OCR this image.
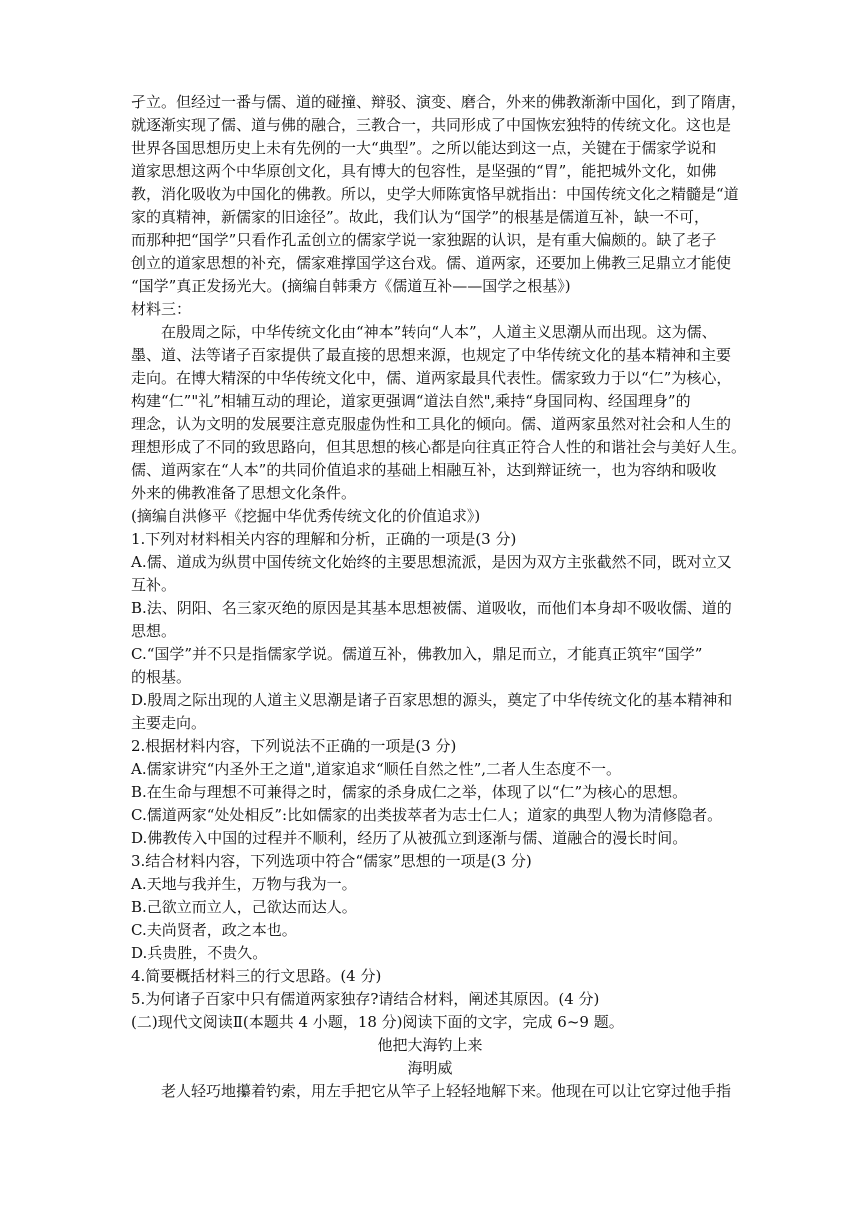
孑立。但经过一番与儒、道的碰撞、辩驳、演变、磨合，外来的佛教渐渐中国化，到了隋唐，
就逐渐实现了儒、道与佛的融合，三教合一，共同形成了中国恢宏独特的传统文化。这也是
世界各国思想历史上未有先例的一大“典型”。之所以能达到这一点，关键在于儒家学说和
道家思想这两个中华原创文化，具有博大的包容性，是坚强的“胃”，能把城外文化，如佛
教，消化吸收为中国化的佛教。所以，史学大师陈寅恪早就指出：中国传统文化之精髓是“道
家的真精神，新儒家的旧途径”。故此，我们认为“国学”的根基是儒道互补，缺一不可，
而那种把“国学”只看作孔孟创立的儒家学说一家独踞的认识，是有重大偏颇的。缺了老子
创立的道家思想的补充，儒家难撑国学这台戏。儒、道两家，还要加上佛教三足鼎立才能使
“国学”真正发扬光大。(摘编自韩秉方《儒道互补——国学之根基》)
材料三：
　　在殷周之际，中华传统文化由“神本”转向“人本”，人道主义思潮从而出现。这为儒、
墨、道、法等诸子百家提供了最直接的思想来源，也规定了中华传统文化的基本精神和主要
走向。在博大精深的中华传统文化中，儒、道两家最具代表性。儒家致力于以“仁”为核心，
构建“仁”"礼”相辅互动的理论，道家更强调“道法自然",乘持“身国同构、经国理身”的
理念，认为文明的发展要注意克服虚伪性和工具化的倾向。儒、道两家虽然对社会和人生的
理想形成了不同的致思路向，但其思想的核心都是向往真正符合人性的和谐社会与美好人生。
儒、道两家在“人本”的共同价值追求的基础上相融互补，达到辩证统一，也为容纳和吸收
外来的佛教准备了思想文化条件。
(摘编自洪修平《挖掘中华优秀传统文化的价值追求》)
1.下列对材料相关内容的理解和分析，正确的一项是(3 分)
A.儒、道成为纵贯中国传统文化始终的主要思想流派，是因为双方主张截然不同，既对立又
互补。
B.法、阴阳、名三家灭绝的原因是其基本思想被儒、道吸收，而他们本身却不吸收儒、道的
思想。
C.“国学”并不只是指儒家学说。儒道互补，佛教加入，鼎足而立，才能真正筑牢“国学”
的根基。
D.殷周之际出现的人道主义思潮是诸子百家思想的源头，奠定了中华传统文化的基本精神和
主要走向。
2.根据材料内容，下列说法不正确的一项是(3 分)
A.儒家讲究“内圣外王之道",道家追求“顺任自然之性”,二者人生态度不一。
B.在生命与理想不可兼得之时，儒家的杀身成仁之举，体现了以“仁”为核心的思想。
C.儒道两家“处处相反”:比如儒家的出类拔萃者为志士仁人；道家的典型人物为清修隐者。
D.佛教传入中国的过程并不顺利，经历了从被孤立到逐渐与儒、道融合的漫长时间。
3.结合材料内容，下列选项中符合“儒家”思想的一项是(3 分)
A.天地与我并生，万物与我为一。
B.己欲立而立人，己欲达而达人。
C.夫尚贤者，政之本也。
D.兵贵胜，不贵久。
4.简要概括材料三的行文思路。(4 分)
5.为何诸子百家中只有儒道两家独存?请结合材料，阐述其原因。(4 分)
(二)现代文阅读Ⅱ(本题共 4 小题，18 分)阅读下面的文字，完成 6~9 题。
　　老人轻巧地攥着钓索，用左手把它从竿子上轻轻地解下来。他现在可以让它穿过他手指
他把大海钓上来
海明威
